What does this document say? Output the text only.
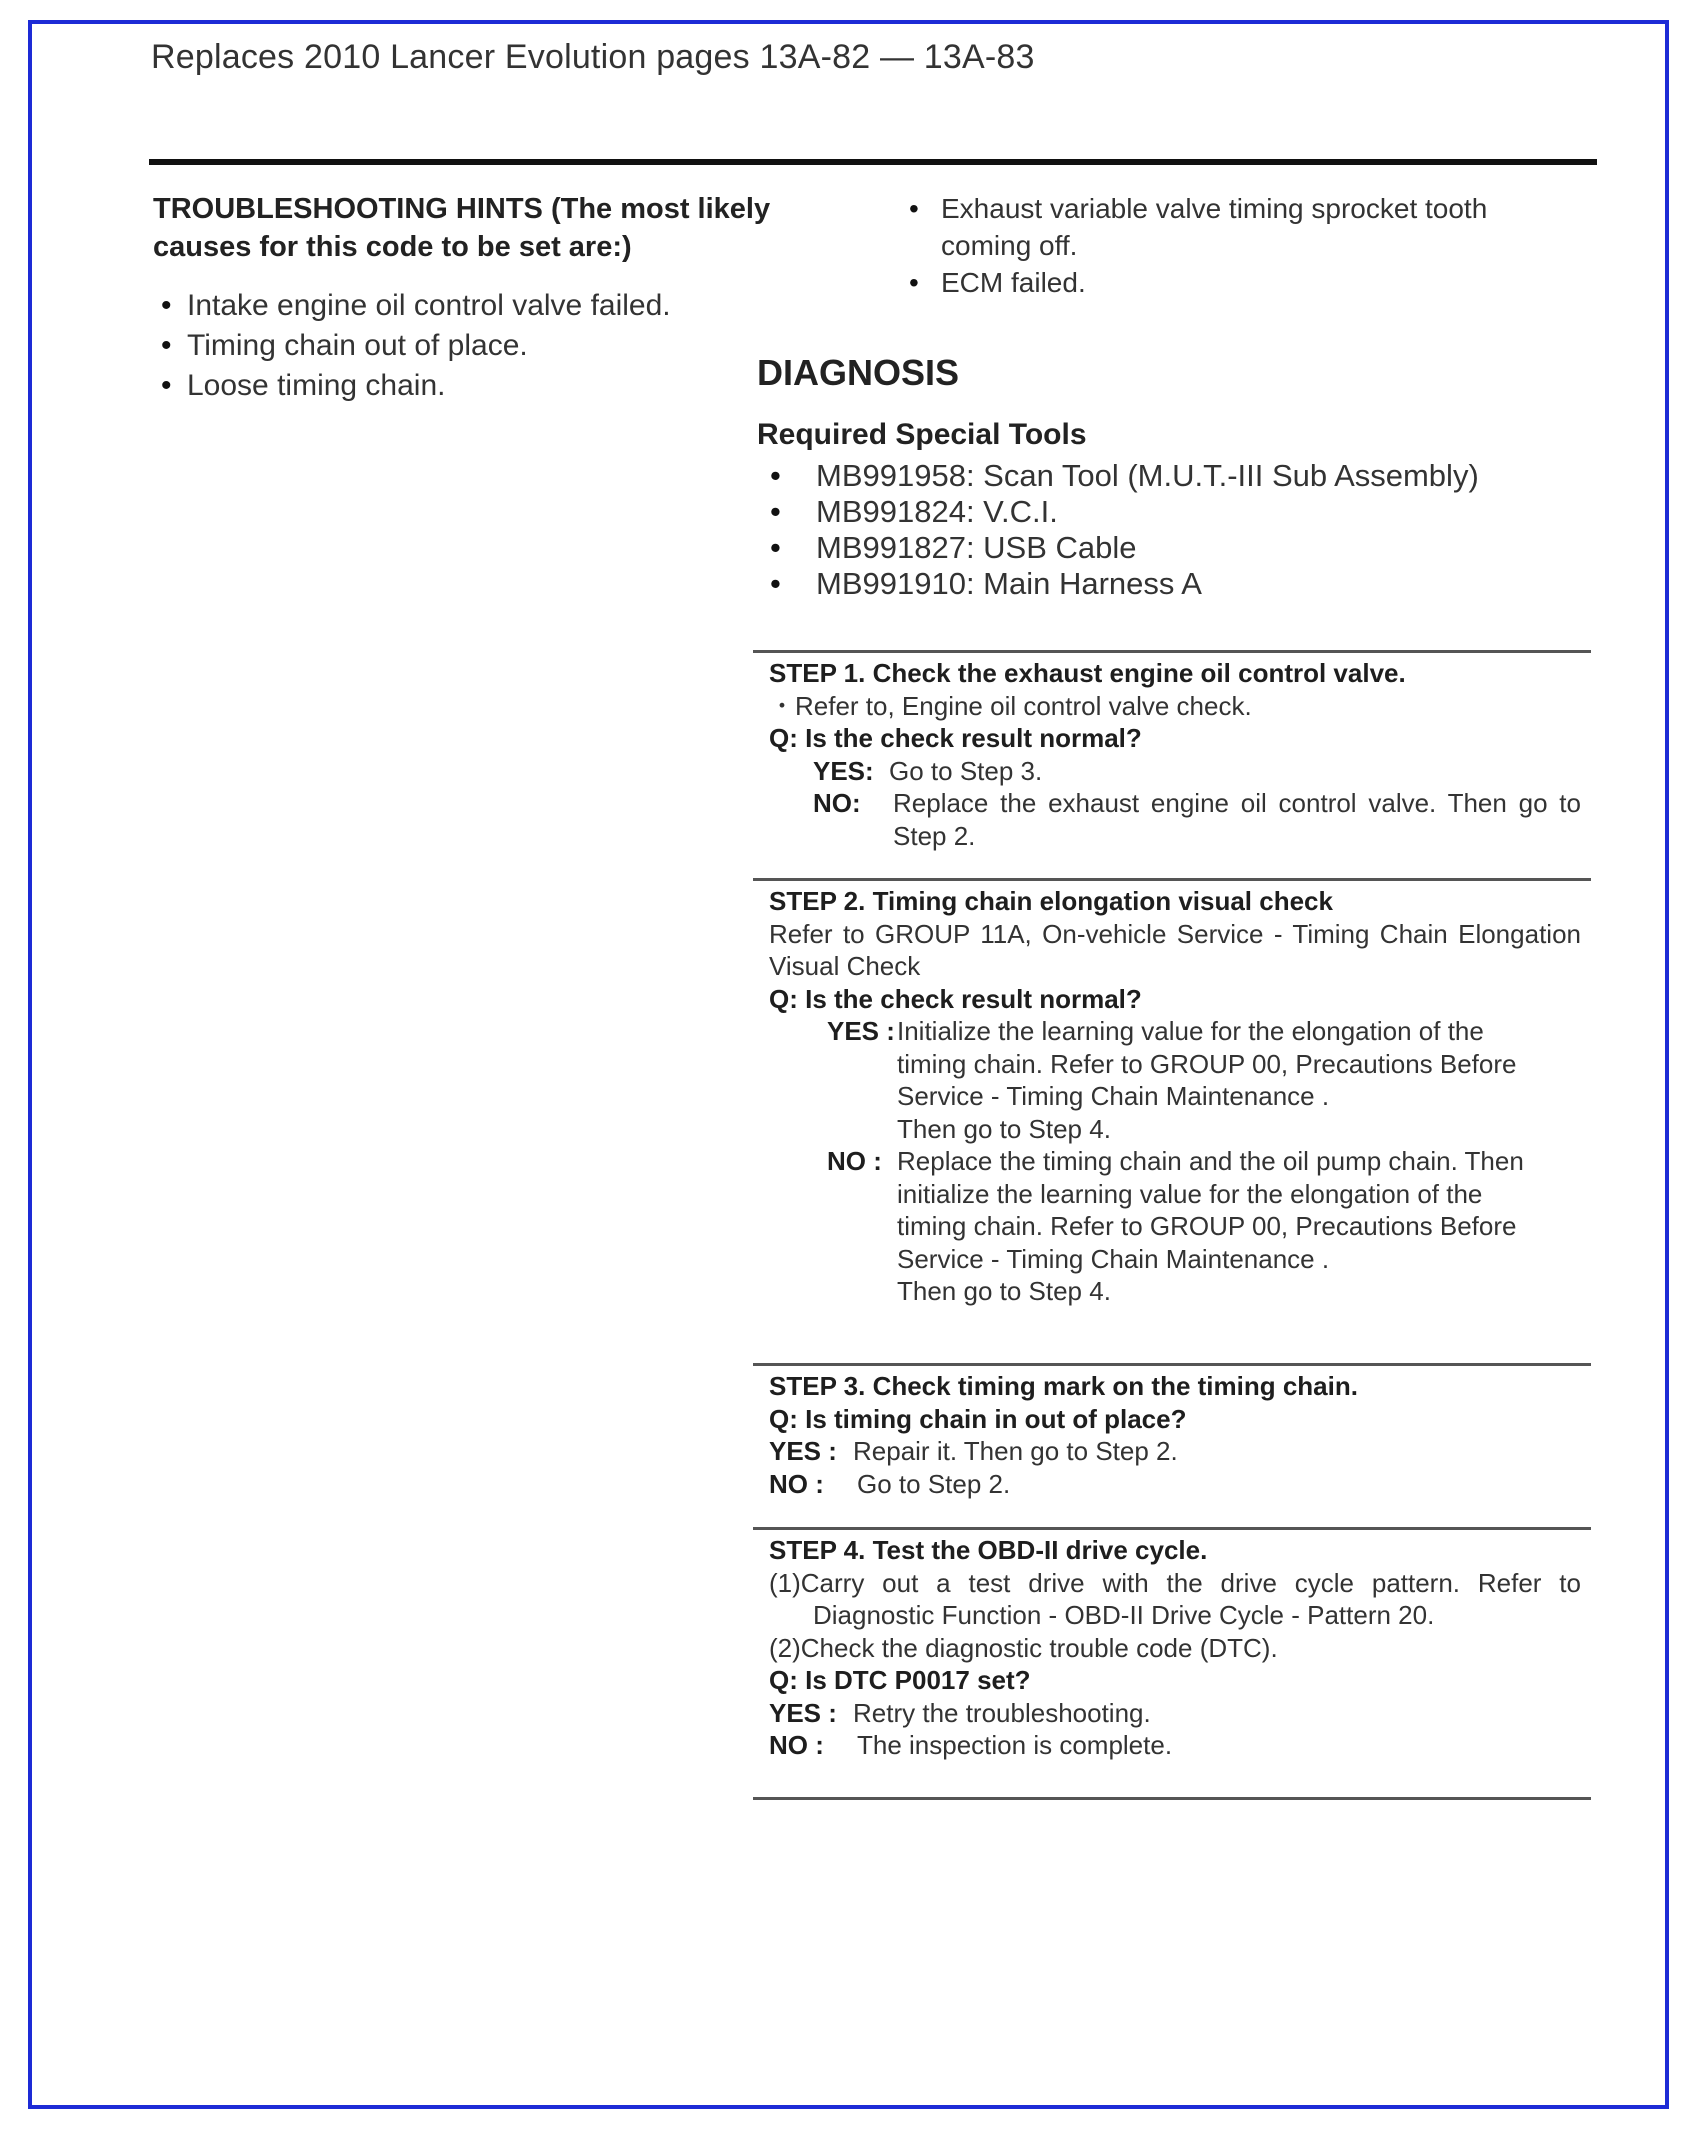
Replaces 2010 Lancer Evolution pages 13A-82 — 13A-83
TROUBLESHOOTING HINTS (The most likely causes for this code to be set are:)
• Intake engine oil control valve failed.
• Timing chain out of place.
• Loose timing chain.
• Exhaust variable valve timing sprocket tooth coming off.
• ECM failed.
DIAGNOSIS
Required Special Tools
• MB991958: Scan Tool (M.U.T.-III Sub Assembly)
• MB991824: V.C.I.
• MB991827: USB Cable
• MB991910: Main Harness A
STEP 1. Check the exhaust engine oil control valve.
・Refer to, Engine oil control valve check.
Q: Is the check result normal?
YES: Go to Step 3.
NO:	Replace the exhaust engine oil control valve. Then go to Step 2.
STEP 2. Timing chain elongation visual check
Refer to GROUP 11A, On-vehicle Service - Timing Chain Elongation Visual Check
Q: Is the check result normal?
YES : Initialize the learning value for the elongation of the timing chain. Refer to GROUP 00, Precautions Before Service - Timing Chain Maintenance .
Then go to Step 4.
NO : Replace the timing chain and the oil pump chain. Then initialize the learning value for the elongation of the timing chain. Refer to GROUP 00, Precautions Before Service - Timing Chain Maintenance .
Then go to Step 4.
STEP 3. Check timing mark on the timing chain.
Q: Is timing chain in out of place?
YES : Repair it. Then go to Step 2.
NO :	Go to Step 2.
STEP 4. Test the OBD-II drive cycle.
(1)Carry out a test drive with the drive cycle pattern. Refer to Diagnostic Function - OBD-II Drive Cycle - Pattern 20.
(2)Check the diagnostic trouble code (DTC).
Q: Is DTC P0017 set?
YES : Retry the troubleshooting.
NO :	The inspection is complete.
